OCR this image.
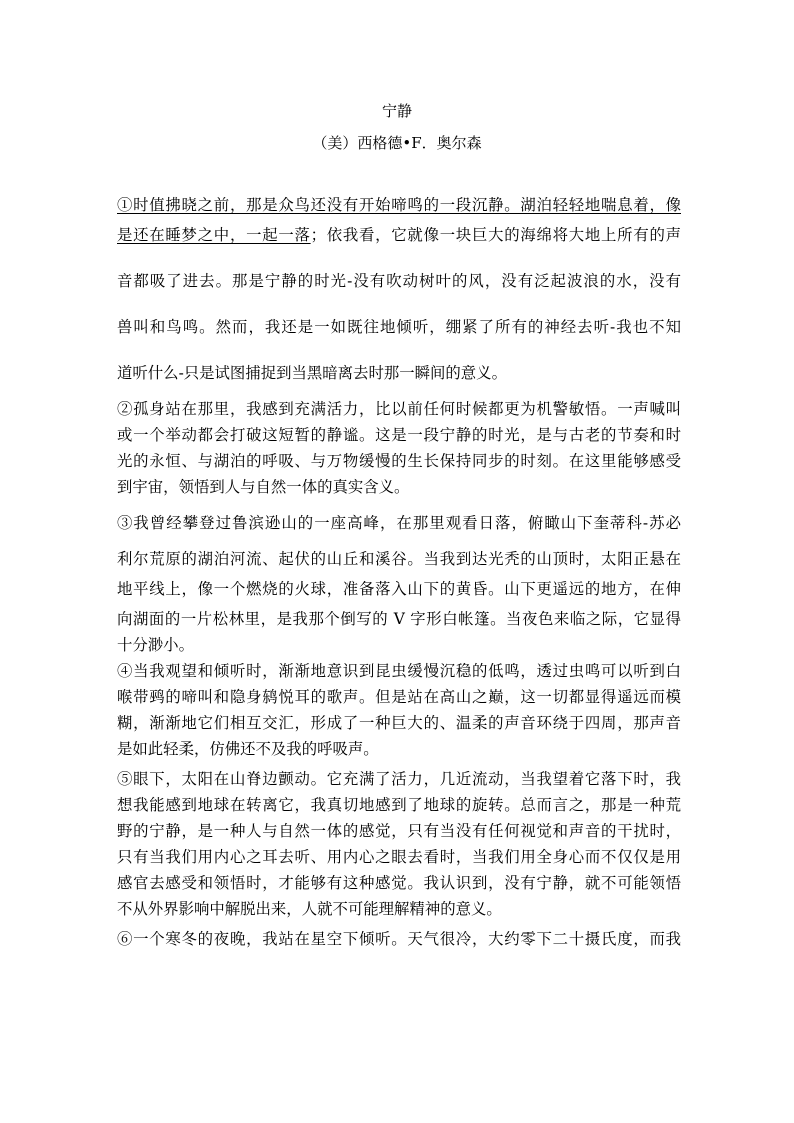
宁静
（美）西格德•F．奥尔森
①时值拂晓之前，那是众鸟还没有开始啼鸣的一段沉静。湖泊轻轻地喘息着，像
是还在睡梦之中，一起一落；依我看，它就像一块巨大的海绵将大地上所有的声
音都吸了进去。那是宁静的时光-没有吹动树叶的风，没有泛起波浪的水，没有
兽叫和鸟鸣。然而，我还是一如既往地倾听，绷紧了所有的神经去听-我也不知
道听什么-只是试图捕捉到当黑暗离去时那一瞬间的意义。
②孤身站在那里，我感到充满活力，比以前任何时候都更为机警敏悟。一声喊叫
或一个举动都会打破这短暂的静谧。这是一段宁静的时光，是与古老的节奏和时
光的永恒、与湖泊的呼吸、与万物缓慢的生长保持同步的时刻。在这里能够感受
到宇宙，领悟到人与自然一体的真实含义。
③我曾经攀登过鲁滨逊山的一座高峰，在那里观看日落，俯瞰山下奎蒂科-苏必
利尔荒原的湖泊河流、起伏的山丘和溪谷。当我到达光秃的山顶时，太阳正悬在
地平线上，像一个燃烧的火球，准备落入山下的黄昏。山下更遥远的地方，在伸
向湖面的一片松林里，是我那个倒写的 V 字形白帐篷。当夜色来临之际，它显得
十分渺小。
④当我观望和倾听时，渐渐地意识到昆虫缓慢沉稳的低鸣，透过虫鸣可以听到白
喉带鹀的啼叫和隐身鸫悦耳的歌声。但是站在高山之巅，这一切都显得遥远而模
糊，渐渐地它们相互交汇，形成了一种巨大的、温柔的声音环绕于四周，那声音
是如此轻柔，仿佛还不及我的呼吸声。
⑤眼下，太阳在山脊边颤动。它充满了活力，几近流动，当我望着它落下时，我
想我能感到地球在转离它，我真切地感到了地球的旋转。总而言之，那是一种荒
野的宁静，是一种人与自然一体的感觉，只有当没有任何视觉和声音的干扰时，
只有当我们用内心之耳去听、用内心之眼去看时，当我们用全身心而不仅仅是用
感官去感受和领悟时，才能够有这种感觉。我认识到，没有宁静，就不可能领悟
不从外界影响中解脱出来，人就不可能理解精神的意义。
⑥一个寒冬的夜晚，我站在星空下倾听。天气很冷，大约零下二十摄氏度，而我
